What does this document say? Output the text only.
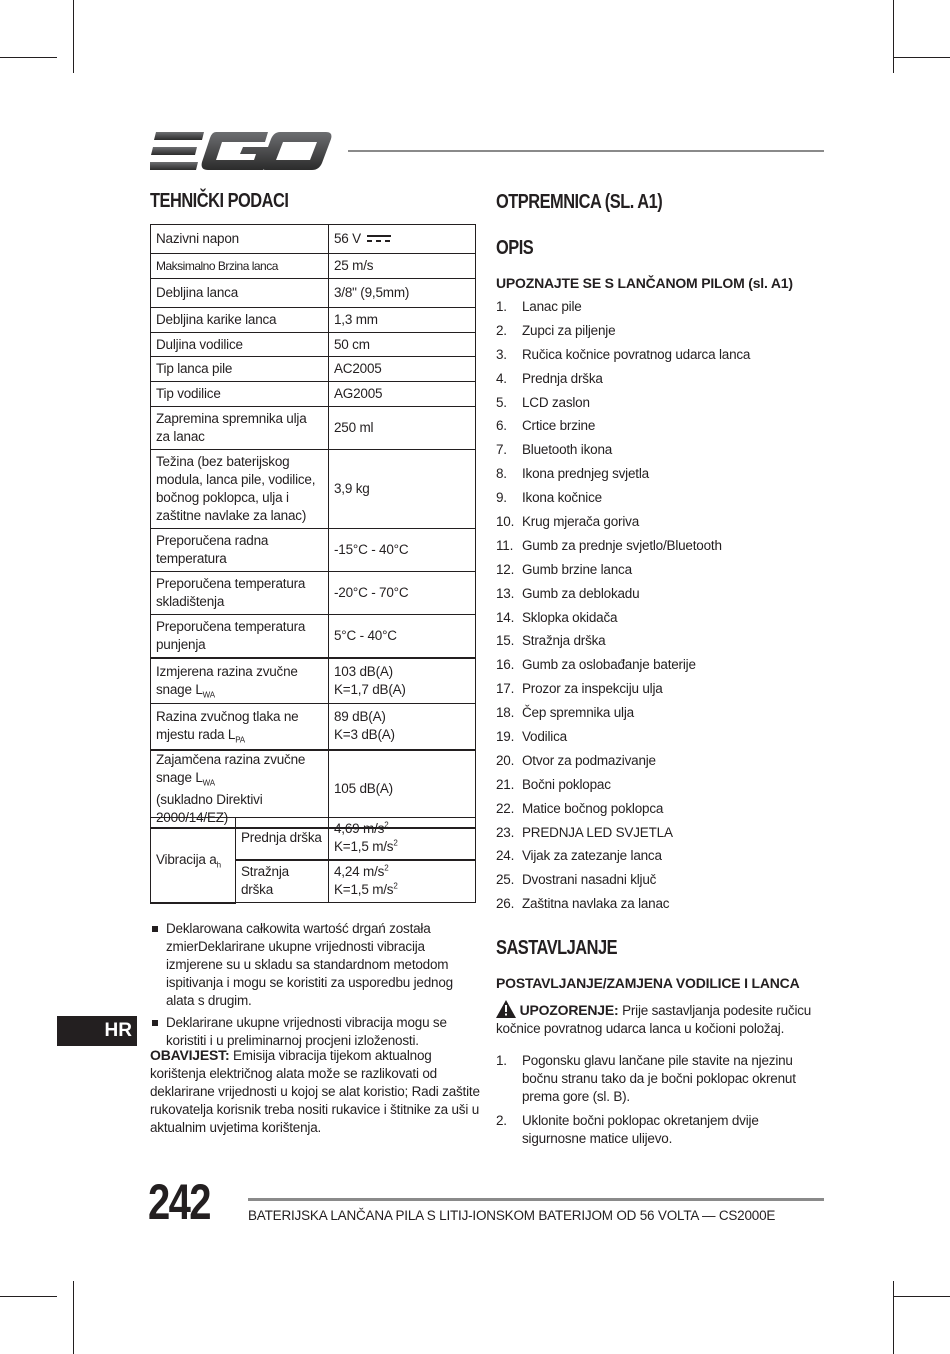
TEHNIČKI PODACI
Nazivni napon	56 V

Maksimalno Brzina lanca	25 m/s
Debljina lanca	3/8" (9,5mm)
Debljina karike lanca	1,3 mm
Duljina vodilice	50 cm
Tip lanca pile	AC2005
Tip vodilice	AG2005
Zapremina spremnika ulja za lanac	250 ml
Težina (bez baterijskog modula, lanca pile, vodilice, bočnog poklopca, ulja i zaštitne navlake za lanac)	3,9 kg
Preporučena radna temperatura	-15°C - 40°C
Preporučena temperatura skladištenja	-20°C - 70°C
Preporučena temperatura punjenja	5°C - 40°C
Izmjerena razina zvučne snage $L_{WA}$	103 dB(A)
K=1,7 dB(A)
Razina zvučnog tlaka ne mjestu rada $L_{PA}$	89 dB(A)
K=3 dB(A)
Zajamčena razina zvučne snage $L_{WA}$
(sukladno Direktivi 2000/14/EZ)	105 dB(A)
Vibracija $a_h$	Prednja drška	4,69 $m/s^2$
K=1,5 $m/s^2$
	Stražnja drška	4,24 $m/s^2$
K=1,5 $m/s^2$
Deklarowana całkowita wartość drgań została zmierDeklarirane ukupne vrijednosti vibracija izmjerene su u skladu sa standardnom metodom ispitivanja i mogu se koristiti za usporedbu jednog alata s drugim.
Deklarirane ukupne vrijednosti vibracija mogu se koristiti i u preliminarnoj procjeni izloženosti.
OBAVIJEST: Emisija vibracija tijekom aktualnog korištenja električnog alata može se razlikovati od deklarirane vrijednosti u kojoj se alat koristio; Radi zaštite rukovatelja korisnik treba nositi rukavice i štitnike za uši u aktualnim uvjetima korištenja.
HR
OTPREMNICA (SL. A1)
OPIS
UPOZNAJTE SE S LANČANOM PILOM (sl. A1)
1. Lanac pile
2. Zupci za piljenje
3. Ručica kočnice povratnog udarca lanca
4. Prednja drška
5. LCD zaslon
6. Crtice brzine
7. Bluetooth ikona
8. Ikona prednjeg svjetla
9. Ikona kočnice
10. Krug mjerača goriva
11. Gumb za prednje svjetlo/Bluetooth
12. Gumb brzine lanca
13. Gumb za deblokadu
14. Sklopka okidača
15. Stražnja drška
16. Gumb za oslobađanje baterije
17. Prozor za inspekciju ulja
18. Čep spremnika ulja
19. Vodilica
20. Otvor za podmazivanje
21. Bočni poklopac
22. Matice bočnog poklopca
23. PREDNJA LED SVJETLA
24. Vijak za zatezanje lanca
25. Dvostrani nasadni ključ
26. Zaštitna navlaka za lanac
SASTAVLJANJE
POSTAVLJANJE/ZAMJENA VODILICE I LANCA
UPOZORENJE: Prije sastavljanja podesite ručicu kočnice povratnog udarca lanca u kočioni položaj.
1. Pogonsku glavu lančane pile stavite na njezinu bočnu stranu tako da je bočni poklopac okrenut prema gore (sl. B).
2. Uklonite bočni poklopac okretanjem dvije sigurnosne matice ulijevo.
242	BATERIJSKA LANČANA PILA S LITIJ-IONSKOM BATERIJOM OD 56 VOLTA — CS2000E
